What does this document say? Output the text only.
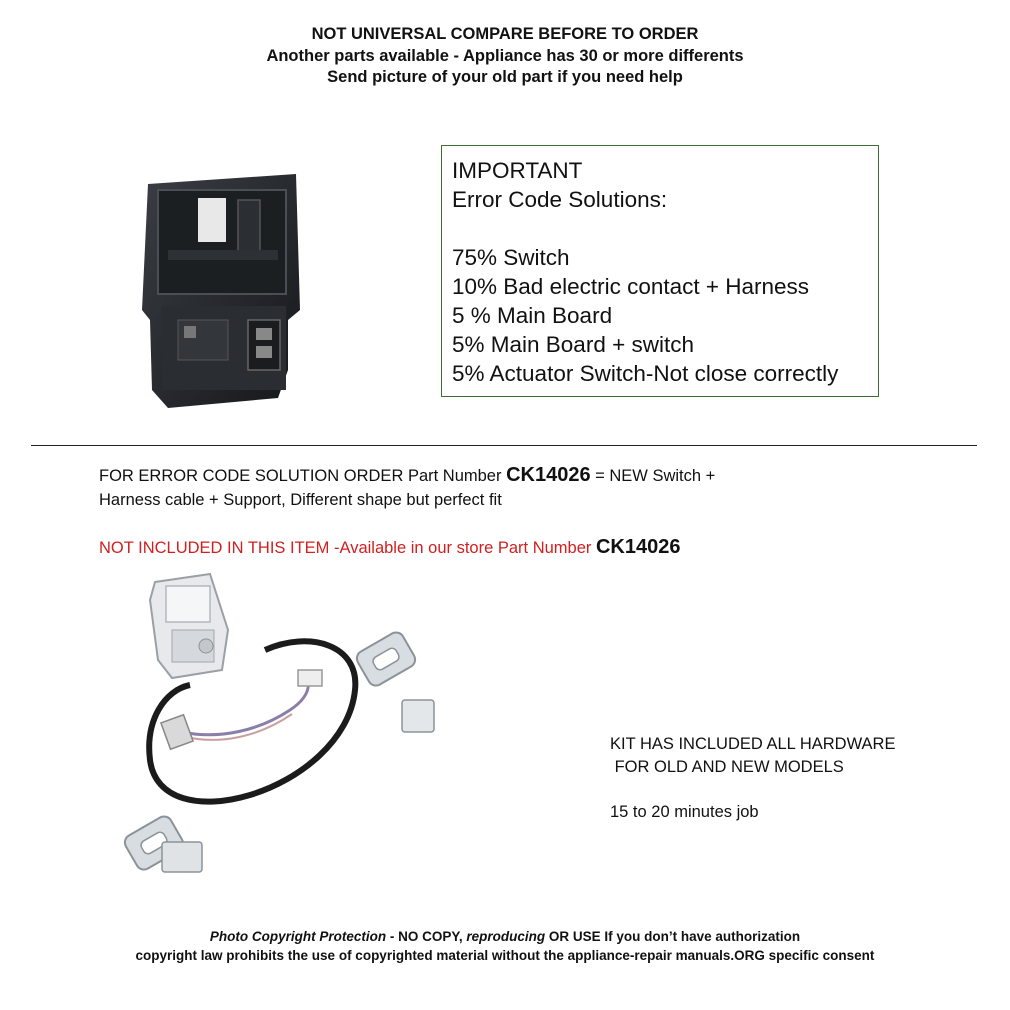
NOT UNIVERSAL COMPARE BEFORE TO ORDER
Another parts available - Appliance has 30 or more differents
Send picture of your old part if you need help
IMPORTANT
Error Code Solutions:
75% Switch
10% Bad electric contact + Harness
5 % Main Board
5% Main Board + switch
5% Actuator Switch-Not close correctly
FOR ERROR CODE SOLUTION ORDER Part Number CK14026 = NEW Switch +
Harness cable + Support, Different shape but perfect fit
NOT INCLUDED IN THIS ITEM -Available in our store Part Number CK14026
KIT HAS INCLUDED ALL HARDWARE
FOR OLD AND NEW MODELS
15 to 20 minutes job
Photo Copyright Protection - NO COPY, reproducing OR USE If you don’t have authorization
copyright law prohibits the use of copyrighted material without the appliance-repair manuals.ORG specific consent
